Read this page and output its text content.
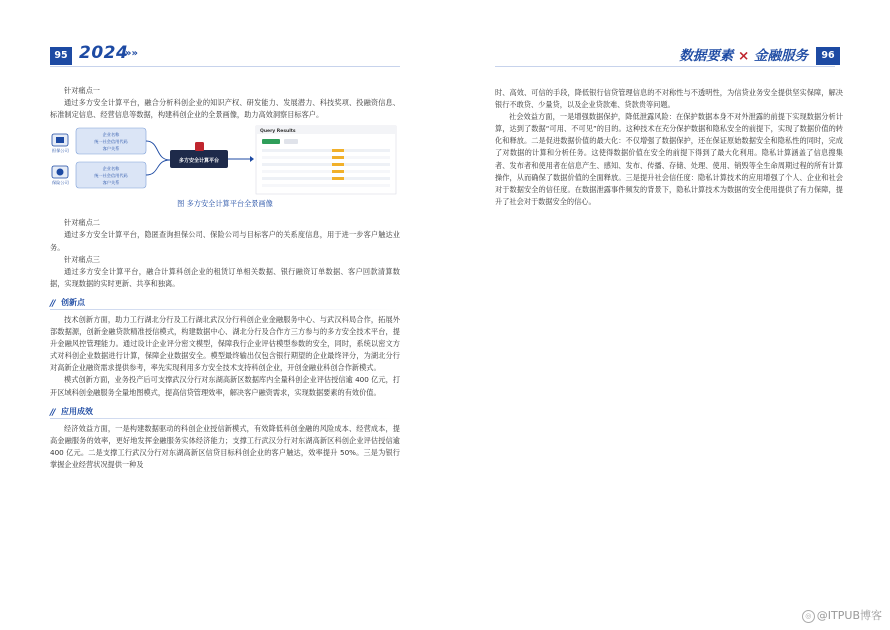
95 2024
»»

针对痛点一

通过多方安全计算平台，融合分析科创企业的知识产权、研发能力、发展潜力、科技奖项、投融资信息、标准制定信息、经营信息等数据，构建科创企业的全景画像，助力高效洞察目标客户。

担保公司
保险公司
企业名称
统一社会信用代码
客户关系
企业名称
统一社会信用代码
客户关系
多方安全计算平台
Query Results
图 多方安全计算平台全景画像

针对痛点二

通过多方安全计算平台，隐匿查询担保公司、保险公司与目标客户的关系度信息，用于进一步客户触达业务。

针对痛点三

通过多方安全计算平台，融合计算科创企业的租赁订单相关数据、银行融资订单数据、客户回款清算数据，实现数据的实时更新、共享和独离。

// 创新点

技术创新方面，助力工行湖北分行及工行湖北武汉分行科创企业金融服务中心、与武汉科局合作，拓展外部数据源，创新金融贷款精准授信模式，构建数据中心、湖北分行及合作方三方参与的多方安全技术平台，提升金融风控管理能力。通过设计企业评分密文模型，保障我行企业评估模型参数的安全，同时，系统以密文方式对科创企业数据进行计算，保障企业数据安全。模型最终输出仅包含银行期望的企业最终评分，为湖北分行对高新企业融资需求提供参考，率先实现利用多方安全技术支持科创企业，开创金融业科创合作新模式。

模式创新方面，业务投产后可支撑武汉分行对东湖高新区数据库内全量科创企业评估授信逾 400 亿元，打开区域科创金融服务全量地图模式，提高信贷管理效率，解决客户融资需求，实现数据要素的有效价值。

// 应用成效

经济效益方面，一是构建数据驱动的科创企业授信新模式，有效降低科创金融的风险成本、经营成本，提高金融服务的效率，更好地发挥金融服务实体经济能力；支撑工行武汉分行对东湖高新区科创企业评估授信逾 400 亿元。二是支撑工行武汉分行对东湖高新区信贷目标科创企业的客户触达，效率提升 50%。三是为银行掌握企业经营状况提供一种及

数据要素 × 金融服务	96

时、高效、可信的手段，降低银行信贷管理信息的不对称性与不透明性，为信贷业务安全提供坚实保障，解决银行不敢贷、少量贷，以及企业贷款难、贷款贵等问题。

社会效益方面，一是增强数据保护，降低泄露风险：在保护数据本身不对外泄露的前提下实现数据分析计算，达到了数据“可用、不可见”的目的。这种技术在充分保护数据和隐私安全的前提下，实现了数据价值的转化和释放。二是促进数据价值的最大化：不仅增强了数据保护，还在保证原始数据安全和隐私性的同时，完成了对数据的计算和分析任务。这使得数据价值在安全的前提下得到了最大化利用。隐私计算涵盖了信息搜集者、发布者和使用者在信息产生、感知、发布、传播、存储、处理、使用、销毁等全生命周期过程的所有计算操作，从而确保了数据价值的全面释放。三是提升社会信任度：隐私计算技术的应用增强了个人、企业和社会对于数据安全的信任度。在数据泄露事件频发的背景下，隐私计算技术为数据的安全使用提供了有力保障，提升了社会对于数据安全的信心。

◎ @ITPUB博客
